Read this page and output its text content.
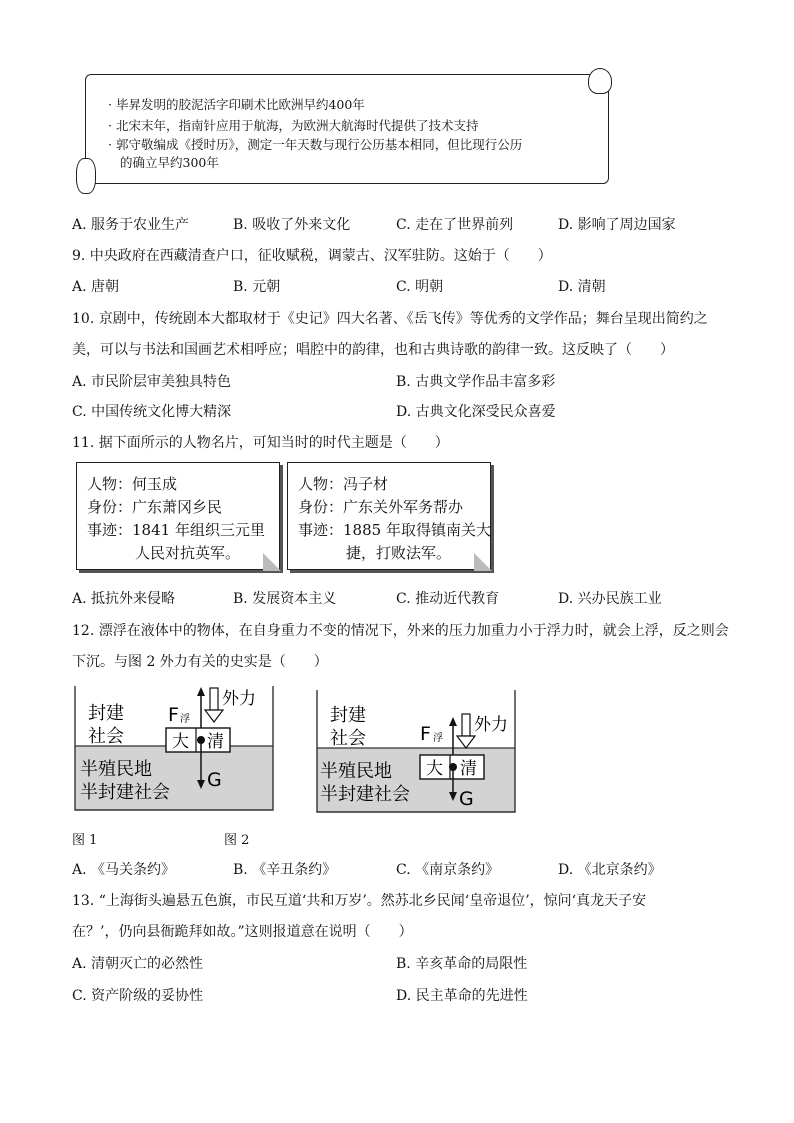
· 毕昇发明的胶泥活字印刷术比欧洲早约400年
· 北宋末年，指南针应用于航海，为欧洲大航海时代提供了技术支持
· 郭守敬编成《授时历》，测定一年天数与现行公历基本相同，但比现行公历
的确立早约300年
A. 服务于农业生产	B. 吸收了外来文化	C. 走在了世界前列	D. 影响了周边国家
9. 中央政府在西藏清查户口，征收赋税，调蒙古、汉军驻防。这始于（　　）
A. 唐朝	B. 元朝	C. 明朝	D. 清朝
10. 京剧中，传统剧本大都取材于《史记》四大名著、《岳飞传》等优秀的文学作品；舞台呈现出简约之
美，可以与书法和国画艺术相呼应；唱腔中的韵律，也和古典诗歌的韵律一致。这反映了（　　）
A. 市民阶层审美独具特色	B. 古典文学作品丰富多彩
C. 中国传统文化博大精深	D. 古典文化深受民众喜爱
11. 据下面所示的人物名片，可知当时的时代主题是（　　）
人物：何玉成
身份：广东萧冈乡民
事迹：1841 年组织三元里
人民对抗英军。
人物：冯子材
身份：广东关外军务帮办
事迹：1885 年取得镇南关大
捷，打败法军。
A. 抵抗外来侵略	B. 发展资本主义	C. 推动近代教育	D. 兴办民族工业
12. 漂浮在液体中的物体，在自身重力不变的情况下，外来的压力加重力小于浮力时，就会上浮，反之则会
下沉。与图 2 外力有关的史实是（　　）
封建
社会
半殖民地
半封建社会
F 浮
外力
大 清
G
封建
社会
半殖民地
半封建社会
F 浮
外力
大 清
G
图 1	图 2
A. 《马关条约》	B. 《辛丑条约》	C. 《南京条约》	D. 《北京条约》
13. “上海街头遍悬五色旗，市民互道‘共和万岁’。然苏北乡民闻‘皇帝退位’，惊问‘真龙天子安
在？’，仍向县衙跪拜如故。”这则报道意在说明（　　）
A. 清朝灭亡的必然性	B. 辛亥革命的局限性
C. 资产阶级的妥协性	D. 民主革命的先进性
